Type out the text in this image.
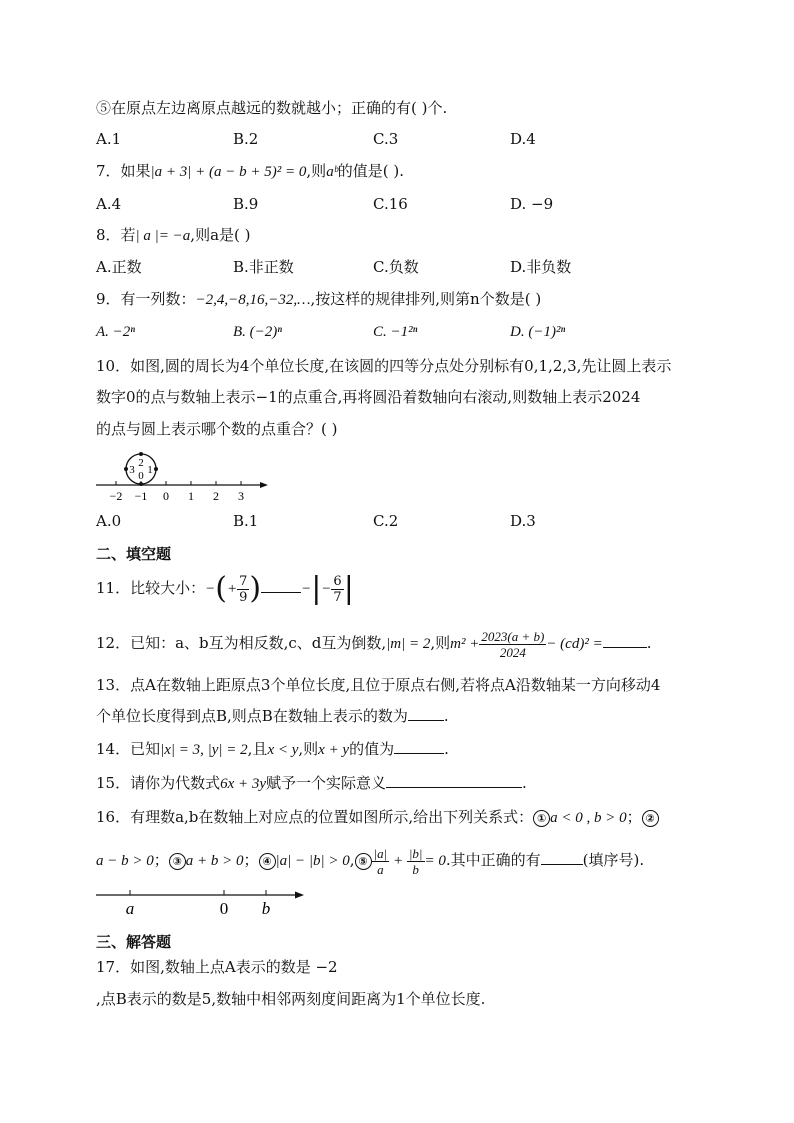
⑤在原点左边离原点越远的数就越小；正确的有( )个.
A.1	B.2	C.3	D.4
7．如果|a + 3| + (a − b + 5)² = 0,则aᵇ的值是( ).
A.4	B.9	C.16	D. −9
8．若| a |= −a,则a是( )
A.正数	B.非正数	C.负数	D.非负数
9．有一列数：−2,4,−8,16,−32,…,按这样的规律排列,则第n个数是( )
A. −2ⁿ	B. (−2)ⁿ	C. −1²ⁿ	D. (−1)²ⁿ
10．如图,圆的周长为4个单位长度,在该圆的四等分点处分别标有0,1,2,3,先让圆上表示
数字0的点与数轴上表示−1的点重合,再将圆沿着数轴向右滚动,则数轴上表示2024
的点与圆上表示哪个数的点重合？( )
2
3 0 1
−2 −1 0 1 2 3
A.0	B.1	C.2	D.3
二、填空题
11．比较大小：−(+ $\frac{7}{9}$ )	−|− $\frac{6}{7}$ |
12．已知：a、b互为相反数,c、d互为倒数,|m| = 2,则$m^2 + \frac{2023(a + b)}{2024} - (cd)^2$ =	.
13．点A在数轴上距原点3个单位长度,且位于原点右侧,若将点A沿数轴某一方向移动4
个单位长度得到点B,则点B在数轴上表示的数为 .
14．已知|x| = 3, |y| = 2,且x < y,则x + y的值为	.
15．请你为代数式6x + 3y赋予一个实际意义	.
16．有理数a,b在数轴上对应点的位置如图所示,给出下列关系式： ① a < 0 , b > 0； ②
a − b > 0； ③ a + b > 0； ④ |a| − |b| > 0, ⑤ $\frac{|a|}{a} + \frac{|b|}{b} = 0$.其中正确的有	(填序号).
a	0 b
三、解答题
17．如图,数轴上点A表示的数是 −2
,点B表示的数是5,数轴中相邻两刻度间距离为1个单位长度.
